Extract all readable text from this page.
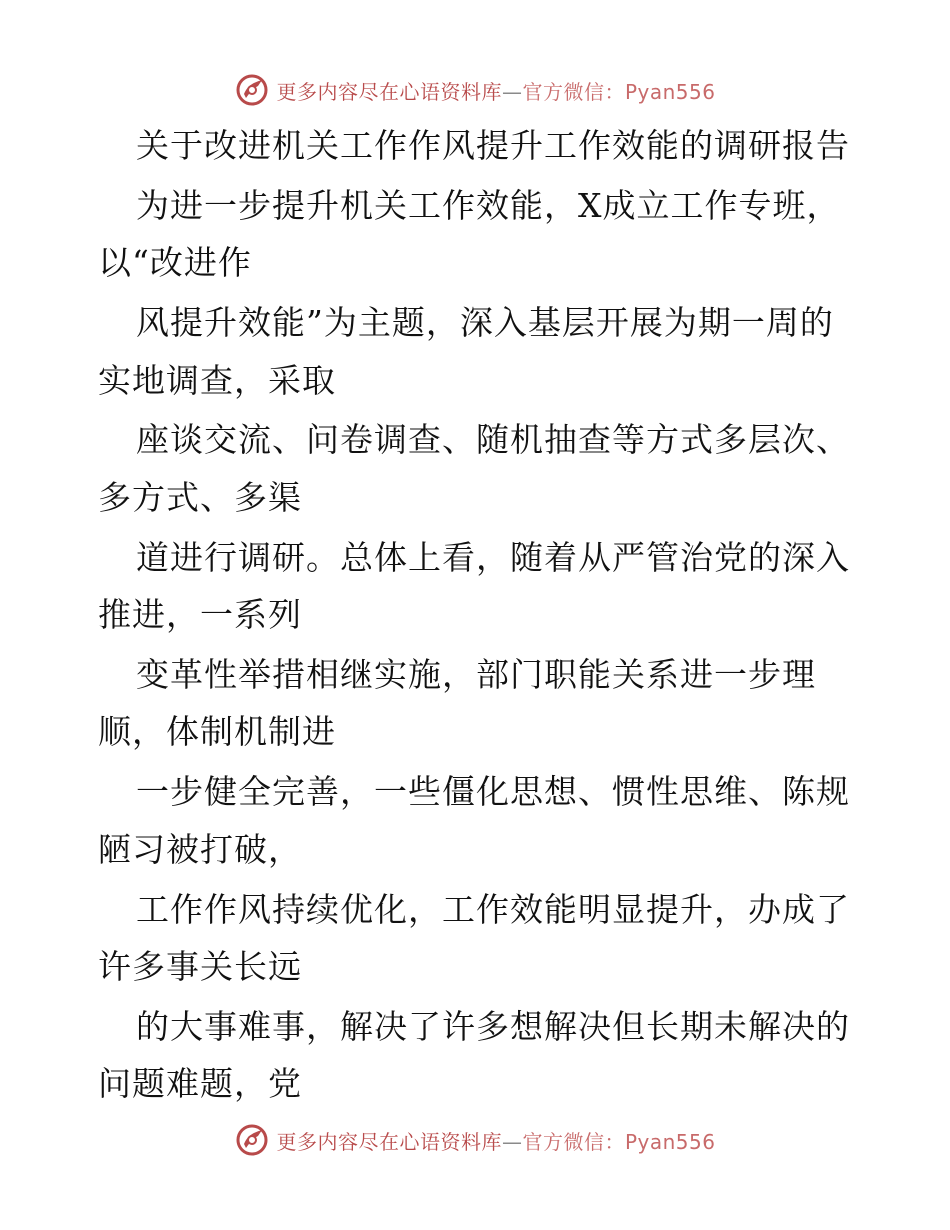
更多内容尽在心语资料库—官方微信：Pyan556
关于改进机关工作作风提升工作效能的调研报告
为进一步提升机关工作效能，X成立工作专班，
以“改进作
风提升效能”为主题，深入基层开展为期一周的
实地调查，采取
座谈交流、问卷调查、随机抽查等方式多层次、
多方式、多渠
道进行调研。总体上看，随着从严管治党的深入
推进，一系列
变革性举措相继实施，部门职能关系进一步理
顺，体制机制进
一步健全完善，一些僵化思想、惯性思维、陈规
陋习被打破，
工作作风持续优化，工作效能明显提升，办成了
许多事关长远
的大事难事，解决了许多想解决但长期未解决的
问题难题，党
更多内容尽在心语资料库—官方微信：Pyan556
